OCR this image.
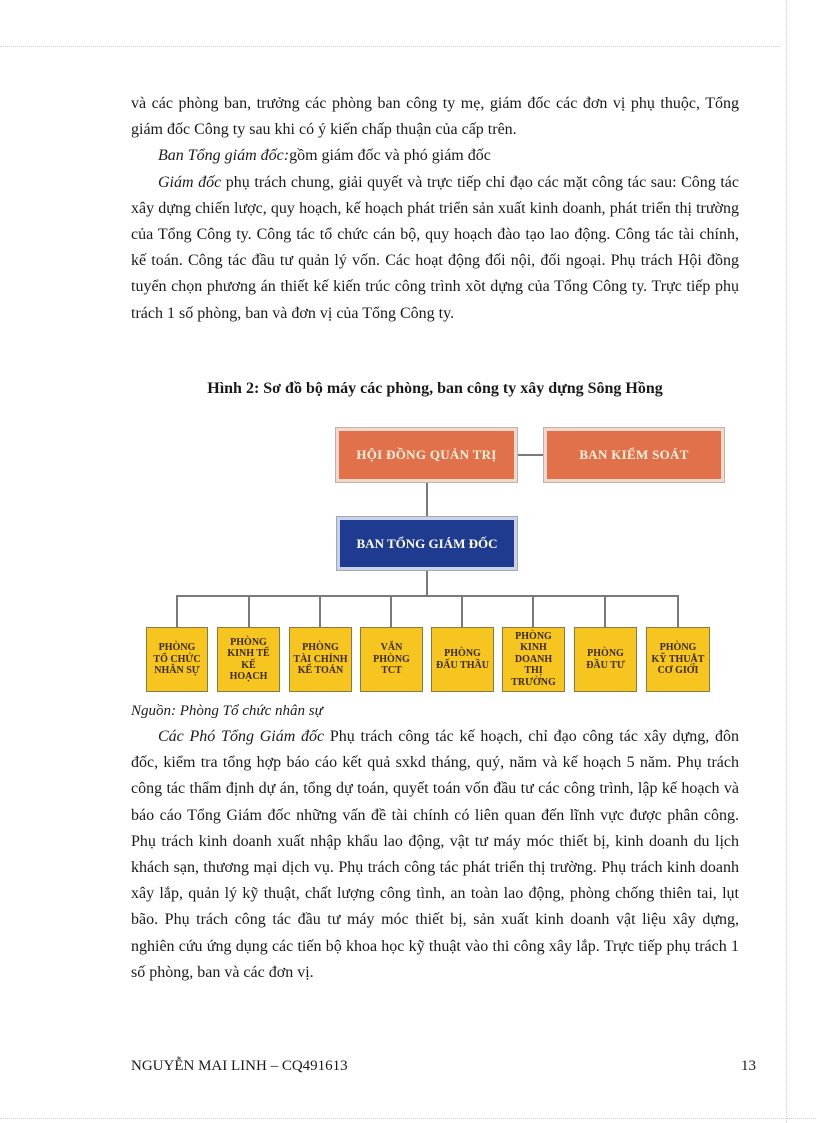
và các phòng ban, trưởng các phòng ban công ty mẹ, giám đốc các đơn vị phụ thuộc, Tổng giám đốc Công ty sau khi có ý kiến chấp thuận của cấp trên.

Ban Tổng giám đốc:gồm giám đốc và phó giám đốc

Giám đốc phụ trách chung, giải quyết và trực tiếp chỉ đạo các mặt công tác sau: Công tác xây dựng chiến lược, quy hoạch, kế hoạch phát triển sản xuất kinh doanh, phát triển thị trường của Tổng Công ty. Công tác tổ chức cán bộ, quy hoạch đào tạo lao động. Công tác tài chính, kế toán. Công tác đầu tư quản lý vốn. Các hoạt động đối nội, đối ngoại. Phụ trách Hội đồng tuyển chọn phương án thiết kế kiến trúc công trình xõt dựng của Tổng Công ty. Trực tiếp phụ trách 1 số phòng, ban và đơn vị của Tổng Công ty.

Hình 2: Sơ đồ bộ máy các phòng, ban công ty xây dựng Sông Hồng
HỘI ĐỒNG QUẢN TRỊ	BAN KIỂM SOÁT
BAN TỔNG GIÁM ĐỐC
PHÒNG
TỔ CHỨC
NHÂN SỰ
PHÒNG
KINH TẾ
KẾ
HOẠCH
PHÒNG
TÀI CHÍNH
KẾ TOÁN
VĂN
PHÒNG
TCT
PHÒNG
ĐẤU THẦU
PHÒNG
KINH
DOANH
THỊ
TRƯỜNG
PHÒNG
ĐẦU TƯ
PHÒNG
KỸ THUẬT
CƠ GIỚI
Nguồn: Phòng Tổ chức nhân sự

Các Phó Tổng Giám đốc Phụ trách công tác kế hoạch, chỉ đạo công tác xây dựng, đôn đốc, kiểm tra tổng hợp báo cáo kết quả sxkd tháng, quý, năm và kế hoạch 5 năm. Phụ trách công tác thẩm định dự án, tổng dự toán, quyết toán vốn đầu tư các công trình, lập kế hoạch và báo cáo Tổng Giám đốc những vấn đề tài chính có liên quan đến lĩnh vực được phân công. Phụ trách kinh doanh xuất nhập khẩu lao động, vật tư máy móc thiết bị, kinh doanh du lịch khách sạn, thương mại dịch vụ. Phụ trách công tác phát triển thị trường. Phụ trách kinh doanh xây lắp, quản lý kỹ thuật, chất lượng công tình, an toàn lao động, phòng chống thiên tai, lụt bão. Phụ trách công tác đầu tư máy móc thiết bị, sản xuất kinh doanh vật liệu xây dựng, nghiên cứu ứng dụng các tiến bộ khoa học kỹ thuật vào thi công xây lắp. Trực tiếp phụ trách 1 số phòng, ban và các đơn vị.

NGUYỄN MAI LINH – CQ491613	13
